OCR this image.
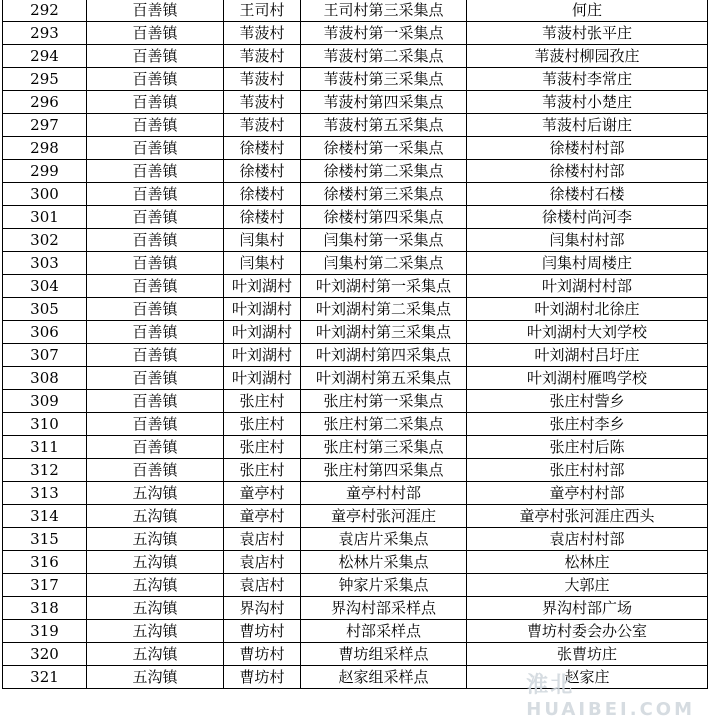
292	百善镇	王司村	王司村第三采集点	何庄
293	百善镇	苇菠村	苇菠村第一采集点	苇菠村张平庄
294	百善镇	苇菠村	苇菠村第二采集点	苇菠村柳园孜庄
295	百善镇	苇菠村	苇菠村第三采集点	苇菠村李常庄
296	百善镇	苇菠村	苇菠村第四采集点	苇菠村小楚庄
297	百善镇	苇菠村	苇菠村第五采集点	苇菠村后谢庄
298	百善镇	徐楼村	徐楼村第一采集点	徐楼村村部
299	百善镇	徐楼村	徐楼村第二采集点	徐楼村村部
300	百善镇	徐楼村	徐楼村第三采集点	徐楼村石楼
301	百善镇	徐楼村	徐楼村第四采集点	徐楼村尚河李
302	百善镇	闫集村	闫集村第一采集点	闫集村村部
303	百善镇	闫集村	闫集村第二采集点	闫集村周楼庄
304	百善镇	叶刘湖村	叶刘湖村第一采集点	叶刘湖村村部
305	百善镇	叶刘湖村	叶刘湖村第二采集点	叶刘湖村北徐庄
306	百善镇	叶刘湖村	叶刘湖村第三采集点	叶刘湖村大刘学校
307	百善镇	叶刘湖村	叶刘湖村第四采集点	叶刘湖村吕圩庄
308	百善镇	叶刘湖村	叶刘湖村第五采集点	叶刘湖村雁鸣学校
309	百善镇	张庄村	张庄村第一采集点	张庄村訾乡
310	百善镇	张庄村	张庄村第二采集点	张庄村李乡
311	百善镇	张庄村	张庄村第三采集点	张庄村后陈
312	百善镇	张庄村	张庄村第四采集点	张庄村村部
313	五沟镇	童亭村	童亭村村部	童亭村村部
314	五沟镇	童亭村	童亭村张河涯庄	童亭村张河涯庄西头
315	五沟镇	袁店村	袁店片采集点	袁店村村部
316	五沟镇	袁店村	松林片采集点	松林庄
317	五沟镇	袁店村	钟家片采集点	大郭庄
318	五沟镇	界沟村	界沟村部采样点	界沟村部广场
319	五沟镇	曹坊村	村部采样点	曹坊村委会办公室
320	五沟镇	曹坊村	曹坊组采样点	张曹坊庄
321	五沟镇	曹坊村	赵家组采样点	赵家庄
淮北
HUAIBEI.COM
